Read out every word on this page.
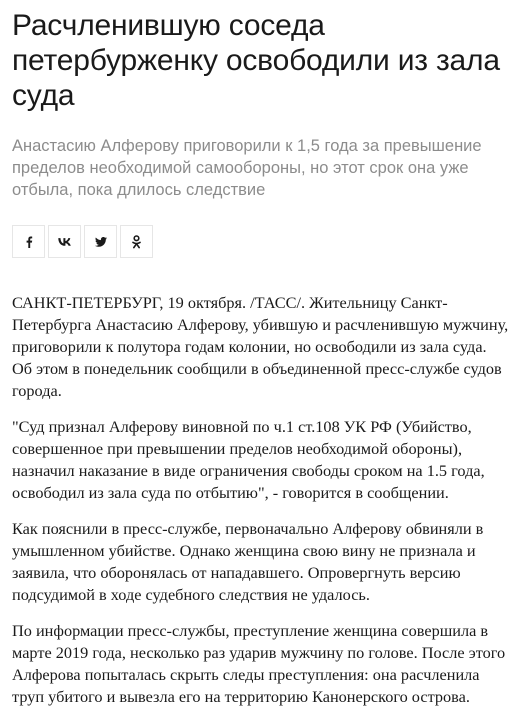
Расчленившую соседа петербурженку освободили из зала суда

Анастасию Алферову приговорили к 1,5 года за превышение пределов необходимой самообороны, но этот срок она уже отбыла, пока длилось следствие

САНКТ-ПЕТЕРБУРГ, 19 октября. /ТАСС/. Жительницу Санкт-Петербурга Анастасию Алферову, убившую и расчленившую мужчину, приговорили к полутора годам колонии, но освободили из зала суда. Об этом в понедельник сообщили в объединенной пресс-службе судов города.

"Суд признал Алферову виновной по ч.1 ст.108 УК РФ (Убийство, совершенное при превышении пределов необходимой обороны), назначил наказание в виде ограничения свободы сроком на 1.5 года, освободил из зала суда по отбытию", - говорится в сообщении.

Как пояснили в пресс-службе, первоначально Алферову обвиняли в умышленном убийстве. Однако женщина свою вину не признала и заявила, что оборонялась от нападавшего. Опровергнуть версию подсудимой в ходе судебного следствия не удалось.

По информации пресс-службы, преступление женщина совершила в марте 2019 года, несколько раз ударив мужчину по голове. После этого Алферова попыталась скрыть следы преступления: она расчленила труп убитого и вывезла его на территорию Канонерского острова.
